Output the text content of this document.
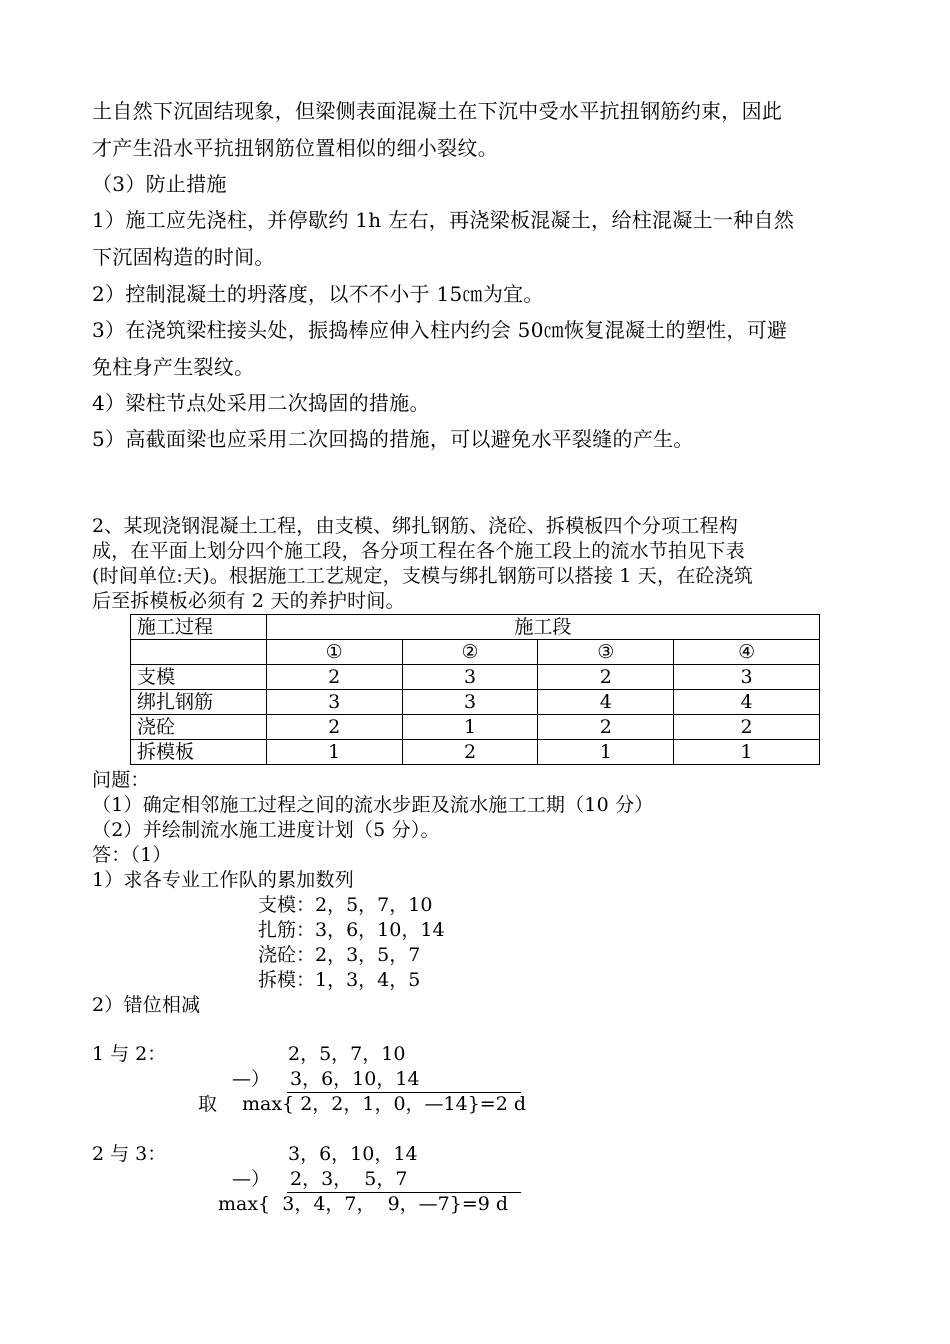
土自然下沉固结现象，但梁侧表面混凝土在下沉中受水平抗扭钢筋约束，因此
才产生沿水平抗扭钢筋位置相似的细小裂纹。
（3）防止措施
1）施工应先浇柱，并停歇约 1h 左右，再浇梁板混凝土，给柱混凝土一种自然
下沉固构造的时间。
2）控制混凝土的坍落度，以不不小于 15㎝为宜。
3）在浇筑梁柱接头处，振捣棒应伸入柱内约会 50㎝恢复混凝土的塑性，可避
免柱身产生裂纹。
4）梁柱节点处采用二次捣固的措施。
5）高截面梁也应采用二次回捣的措施，可以避免水平裂缝的产生。
2、某现浇钢混凝土工程，由支模、绑扎钢筋、浇砼、拆模板四个分项工程构
成，在平面上划分四个施工段，各分项工程在各个施工段上的流水节拍见下表
(时间单位:天)。根据施工工艺规定，支模与绑扎钢筋可以搭接 1 天，在砼浇筑
后至拆模板必须有 2 天的养护时间。
施工过程	施工段			
	①	②	③	④
支模	2	3	2	3
绑扎钢筋	3	3	4	4
浇砼	2	1	2	2
拆模板	1	2	1	1
问题：
（1）确定相邻施工过程之间的流水步距及流水施工工期（10 分）
（2）并绘制流水施工进度计划（5 分）。
答：（1）
1）求各专业工作队的累加数列
支模：2，5，7，10
扎筋：3，6，10，14
浇砼：2，3，5，7
拆模：1，3，4，5
2）错位相减
1 与 2：	2，5，7，10
—） 3，6，10，14
取 max{ 2，2，1，0，—14}=2 d
2 与 3：	3，6，10，14
—） 2，3，  5，7
max{  3，4，7，  9，—7}=9 d
